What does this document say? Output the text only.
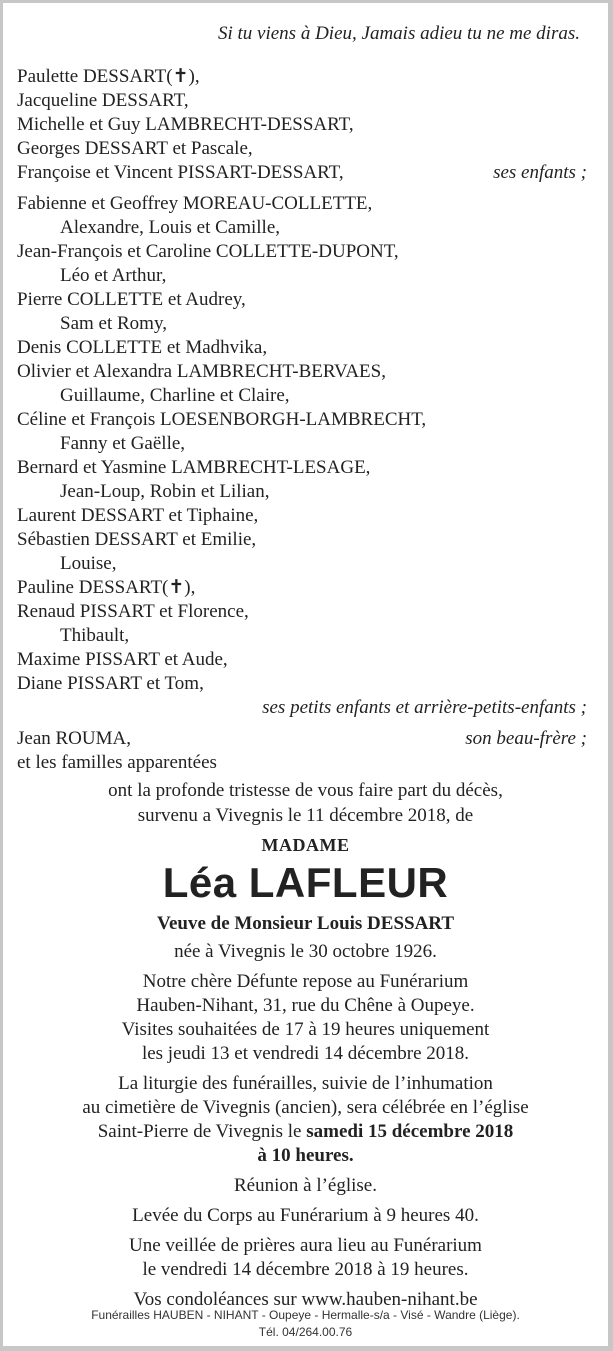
Si tu viens à Dieu, Jamais adieu tu ne me diras.
Paulette DESSART(✝),
Jacqueline DESSART,
Michelle et Guy LAMBRECHT-DESSART,
Georges DESSART et Pascale,
Françoise et Vincent PISSART-DESSART,	ses enfants ;
Fabienne et Geoffrey MOREAU-COLLETTE,
Alexandre, Louis et Camille,
Jean-François et Caroline COLLETTE-DUPONT,
Léo et Arthur,
Pierre COLLETTE et Audrey,
Sam et Romy,
Denis COLLETTE et Madhvika,
Olivier et Alexandra LAMBRECHT-BERVAES,
Guillaume, Charline et Claire,
Céline et François LOESENBORGH-LAMBRECHT,
Fanny et Gaëlle,
Bernard et Yasmine LAMBRECHT-LESAGE,
Jean-Loup, Robin et Lilian,
Laurent DESSART et Tiphaine,
Sébastien DESSART et Emilie,
Louise,
Pauline DESSART(✝),
Renaud PISSART et Florence,
Thibault,
Maxime PISSART et Aude,
Diane PISSART et Tom,
ses petits enfants et arrière-petits-enfants ;
Jean ROUMA,	son beau-frère ;
et les familles apparentées
ont la profonde tristesse de vous faire part du décès,
survenu a Vivegnis le 11 décembre 2018, de
MADAME
Léa LAFLEUR
Veuve de Monsieur Louis DESSART

née à Vivegnis le 30 octobre 1926.

Notre chère Défunte repose au Funérarium
Hauben-Nihant, 31, rue du Chêne à Oupeye.
Visites souhaitées de 17 à 19 heures uniquement
les jeudi 13 et vendredi 14 décembre 2018.

La liturgie des funérailles, suivie de l’inhumation
au cimetière de Vivegnis (ancien), sera célébrée en l’église
Saint-Pierre de Vivegnis le samedi 15 décembre 2018
à 10 heures.

Réunion à l’église.

Levée du Corps au Funérarium à 9 heures 40.

Une veillée de prières aura lieu au Funérarium
le vendredi 14 décembre 2018 à 19 heures.

Vos condoléances sur www.hauben-nihant.be

Funérailles HAUBEN - NIHANT - Oupeye - Hermalle-s/a - Visé - Wandre (Liège).
Tél. 04/264.00.76
